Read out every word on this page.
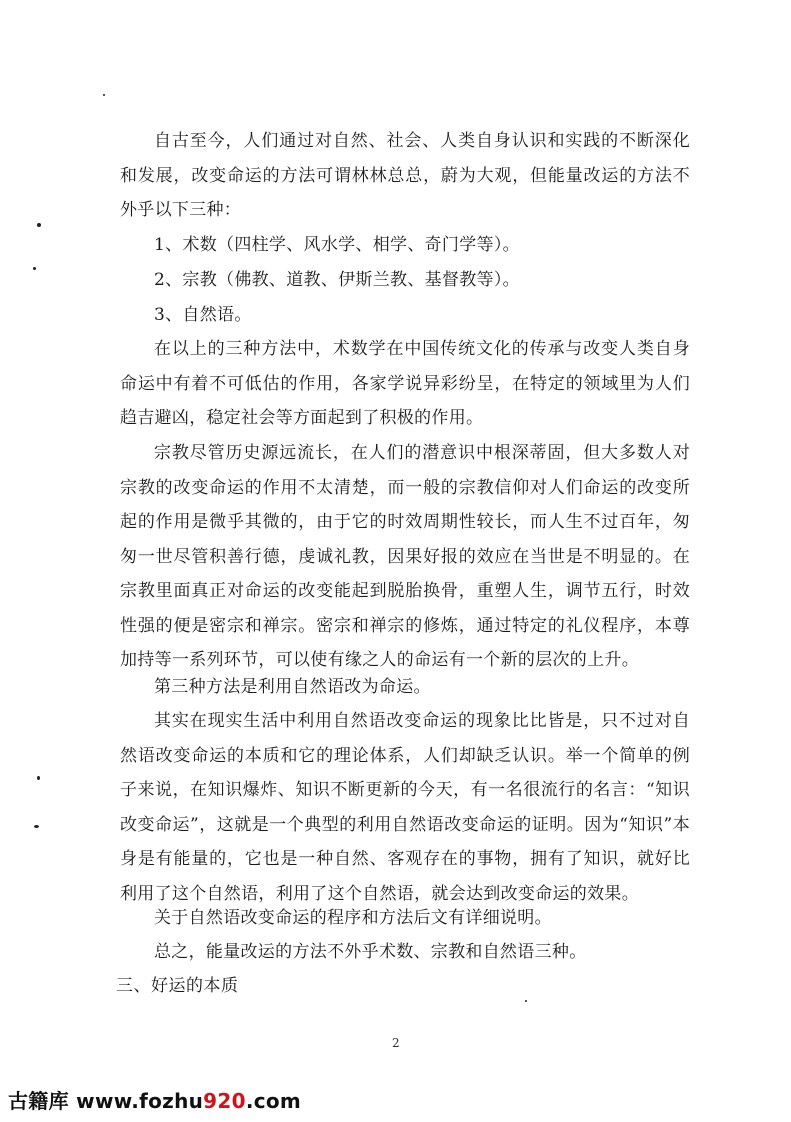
自古至今，人们通过对自然、社会、人类自身认识和实践的不断深化和发展，改变命运的方法可谓林林总总，蔚为大观，但能量改运的方法不外乎以下三种：

1、术数（四柱学、风水学、相学、奇门学等）。

2、宗教（佛教、道教、伊斯兰教、基督教等）。

3、自然语。

在以上的三种方法中，术数学在中国传统文化的传承与改变人类自身命运中有着不可低估的作用，各家学说异彩纷呈，在特定的领域里为人们趋吉避凶，稳定社会等方面起到了积极的作用。

宗教尽管历史源远流长，在人们的潜意识中根深蒂固，但大多数人对宗教的改变命运的作用不太清楚，而一般的宗教信仰对人们命运的改变所起的作用是微乎其微的，由于它的时效周期性较长，而人生不过百年，匆匆一世尽管积善行德，虔诚礼教，因果好报的效应在当世是不明显的。在宗教里面真正对命运的改变能起到脱胎换骨，重塑人生，调节五行，时效性强的便是密宗和禅宗。密宗和禅宗的修炼，通过特定的礼仪程序，本尊加持等一系列环节，可以使有缘之人的命运有一个新的层次的上升。

第三种方法是利用自然语改为命运。

其实在现实生活中利用自然语改变命运的现象比比皆是，只不过对自然语改变命运的本质和它的理论体系，人们却缺乏认识。举一个简单的例子来说，在知识爆炸、知识不断更新的今天，有一名很流行的名言：“知识改变命运”，这就是一个典型的利用自然语改变命运的证明。因为“知识”本身是有能量的，它也是一种自然、客观存在的事物，拥有了知识，就好比利用了这个自然语，利用了这个自然语，就会达到改变命运的效果。

关于自然语改变命运的程序和方法后文有详细说明。

总之，能量改运的方法不外乎术数、宗教和自然语三种。

三、好运的本质

2
古籍库 www.fozhu920.com
